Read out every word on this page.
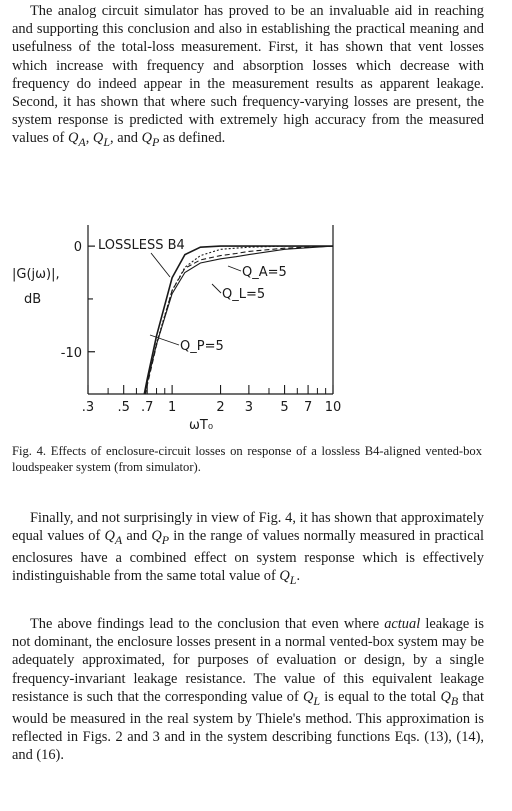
The analog circuit simulator has proved to be an invaluable aid in reaching and supporting this conclusion and also in establishing the practical meaning and usefulness of the total-loss measurement. First, it has shown that vent losses which increase with frequency and absorption losses which decrease with frequency do indeed appear in the measurement results as apparent leakage. Second, it has shown that where such frequency-varying losses are present, the system response is predicted with extremely high accuracy from the measured values of $Q_A$, $Q_L$, and $Q_P$ as defined.

0
-10
.3 .5 .7 1	2 3 5 7 10
|G(jω)|,
dB
ωT₀
LOSSLESS B4
Q_A=5
Q_L=5
Q_P=5

Fig. 4. Effects of enclosure-circuit losses on response of a lossless B4-aligned vented-box loudspeaker system (from simulator).

Finally, and not surprisingly in view of Fig. 4, it has shown that approximately equal values of $Q_A$ and $Q_P$ in the range of values normally measured in practical enclosures have a combined effect on system response which is effectively indistinguishable from the same total value of $Q_L$.

The above findings lead to the conclusion that even where actual leakage is not dominant, the enclosure losses present in a normal vented-box system may be adequately approximated, for purposes of evaluation or design, by a single frequency-invariant leakage resistance. The value of this equivalent leakage resistance is such that the corresponding value of $Q_L$ is equal to the total $Q_B$ that would be measured in the real system by Thiele's method. This approximation is reflected in Figs. 2 and 3 and in the system describing functions Eqs. (13), (14), and (16).
